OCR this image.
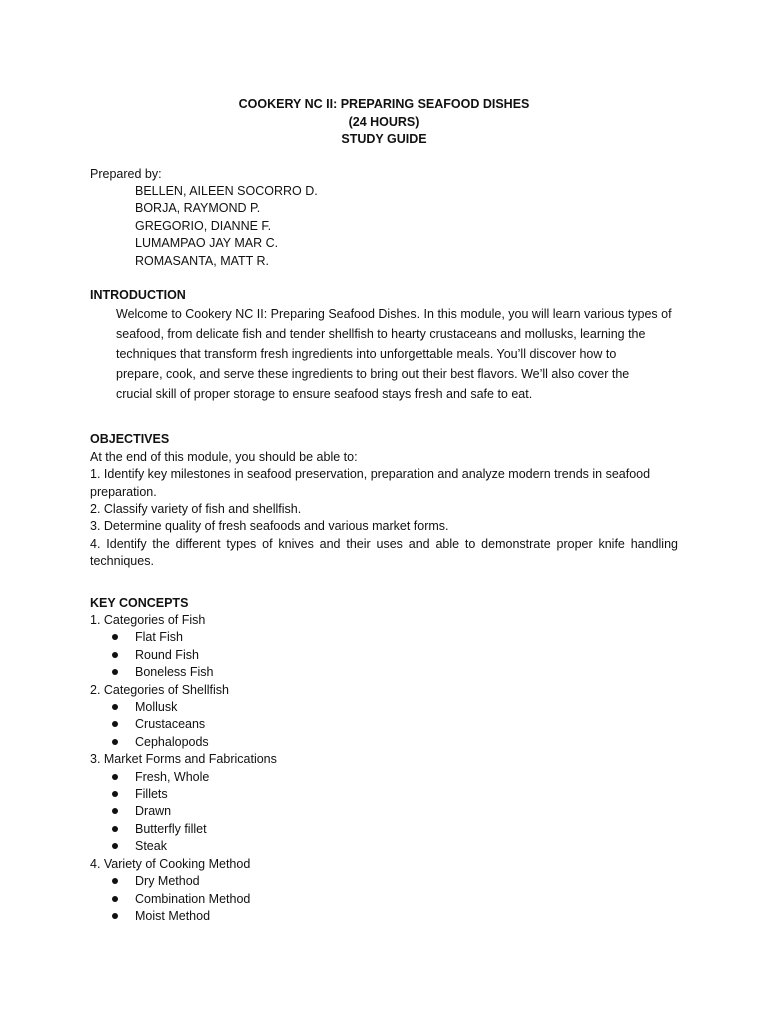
COOKERY NC II: PREPARING SEAFOOD DISHES
(24 HOURS)
STUDY GUIDE
Prepared by:
BELLEN, AILEEN SOCORRO D.
BORJA, RAYMOND P.
GREGORIO, DIANNE F.
LUMAMPAO JAY MAR C.
ROMASANTA, MATT R.
INTRODUCTION
Welcome to Cookery NC II: Preparing Seafood Dishes. In this module, you will learn various types of
seafood, from delicate fish and tender shellfish to hearty crustaceans and mollusks, learning the
techniques that transform fresh ingredients into unforgettable meals. You’ll discover how to
prepare, cook, and serve these ingredients to bring out their best flavors. We’ll also cover the
crucial skill of proper storage to ensure seafood stays fresh and safe to eat.
OBJECTIVES
At the end of this module, you should be able to:
1. Identify key milestones in seafood preservation, preparation and analyze modern trends in seafood preparation.
2. Classify variety of fish and shellfish.
3. Determine quality of fresh seafoods and various market forms.
4. Identify the different types of knives and their uses and able to demonstrate proper knife handling techniques.
KEY CONCEPTS
1. Categories of Fish
Flat Fish
Round Fish
Boneless Fish
2. Categories of Shellfish
Mollusk
Crustaceans
Cephalopods
3. Market Forms and Fabrications
Fresh, Whole
Fillets
Drawn
Butterfly fillet
Steak
4. Variety of Cooking Method
Dry Method
Combination Method
Moist Method
